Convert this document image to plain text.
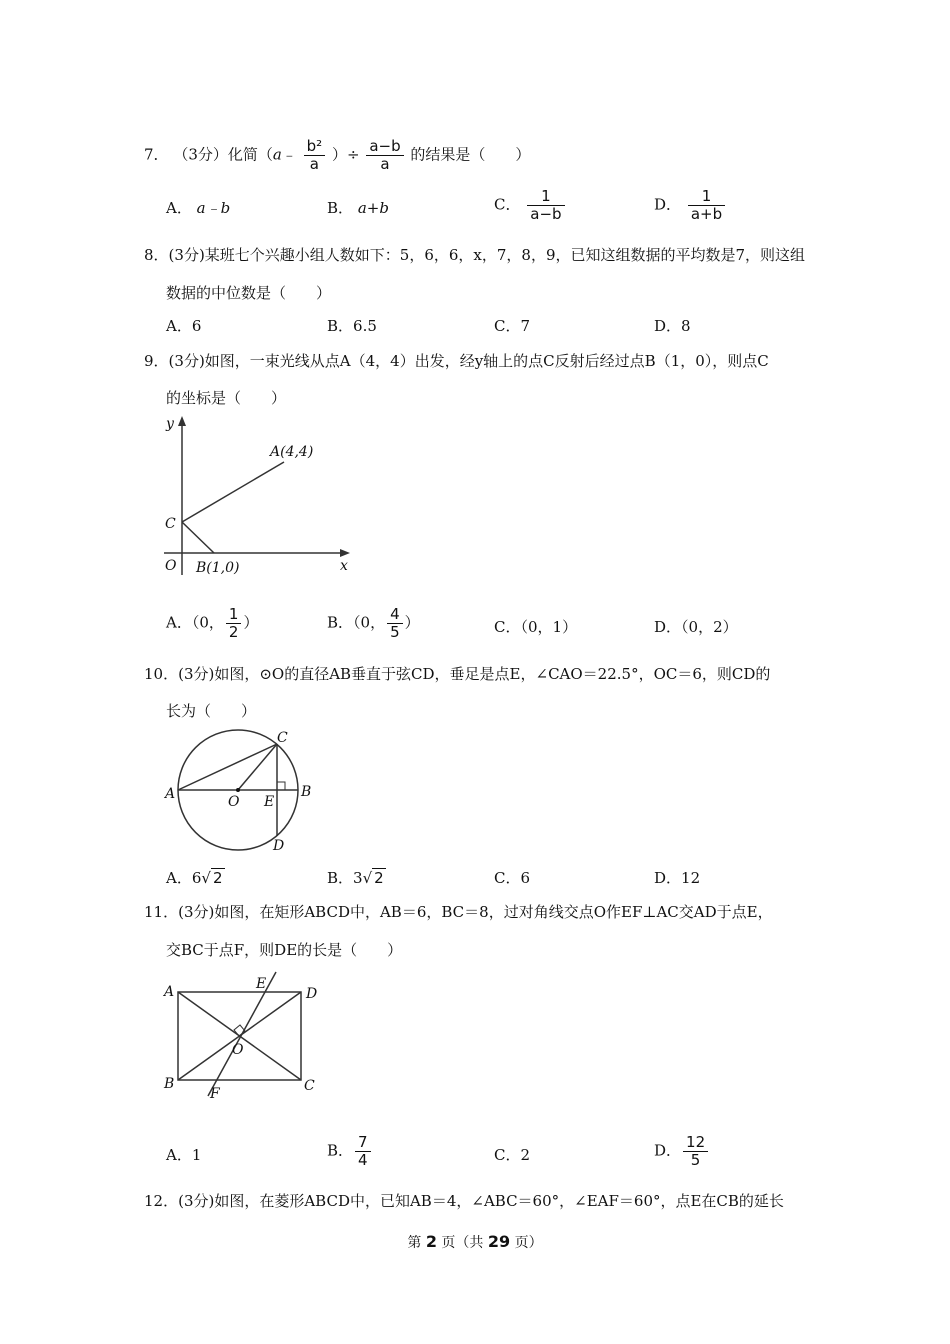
7． （3分）化简（a﹣ $\frac{\text{b²}}{a}$ ）÷ $\frac{a-b}{a}$ 的结果是（　　）
A． a﹣b	B． a+b	C． $\frac{1}{a-b}$	D． $\frac{1}{a+b}$
8．(3分)某班七个兴趣小组人数如下：5，6，6，x，7，8，9，已知这组数据的平均数是7，则这组
数据的中位数是（　　）
A．6	B．6.5	C．7	D．8
9．(3分)如图，一束光线从点A（4，4）出发，经y轴上的点C反射后经过点B（1，0），则点C
的坐标是（　　）
y
x
O
C
A(4,4)
B(1,0)
A．（0， $\frac{1}{2}$ ）	B．（0， $\frac{4}{5}$ ）	C．（0，1）	D．（0，2）
10．(3分)如图，⊙O的直径AB垂直于弦CD，垂足是点E，∠CAO＝22.5°，OC＝6，则CD的
长为（　　）
A	B
C
D
O E
A．6√ 2	B．3√ 2	C．6	D．12
11．(3分)如图，在矩形ABCD中，AB＝6，BC＝8，过对角线交点O作EF⊥AC交AD于点E，
交BC于点F，则DE的长是（　　）
A
B	C
D
E
F
O
A．1	B． $\frac{7}{4}$	C．2	D． $\frac{12}{5}$
12．(3分)如图，在菱形ABCD中，已知AB＝4，∠ABC＝60°，∠EAF＝60°，点E在CB的延长
第 2 页（共 29 页）
